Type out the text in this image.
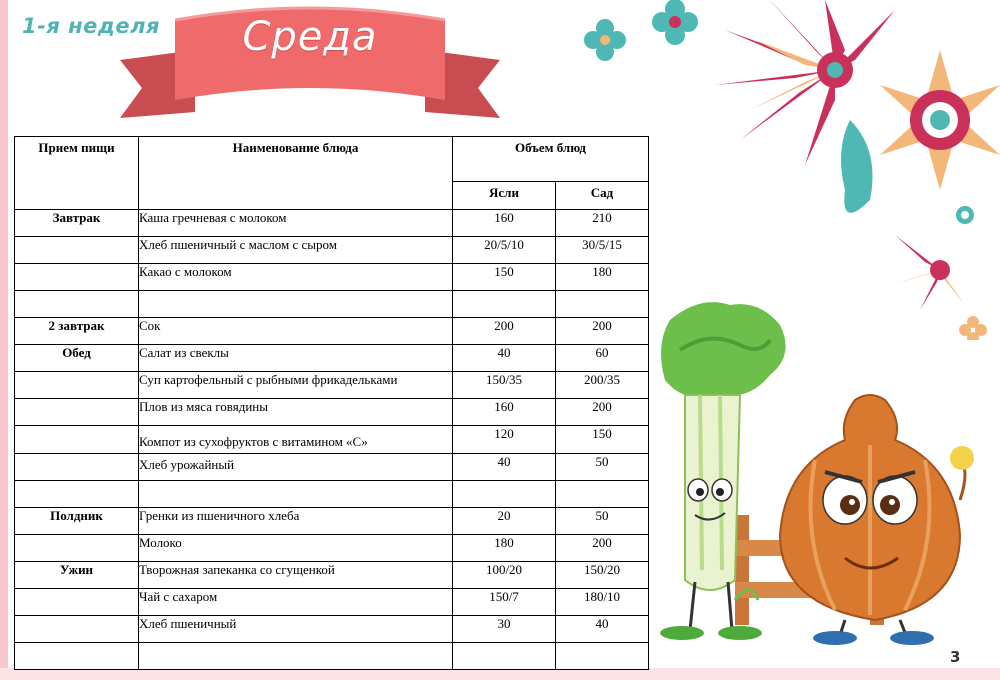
1-я неделя	Среда
Прием пищи	Наименование блюда	Объем блюд	
		Ясли	Сад
Завтрак	Каша гречневая с молоком	160	210
	Хлеб пшеничный с маслом с сыром	20/5/10	30/5/15
	Какао с молоком	150	180

2 завтрак	Сок	200	200
Обед	Салат из свеклы	40	60
	Суп картофельный с рыбными фрикадельками	150/35	200/35
	Плов из мяса говядины	160	200

	Компот из сухофруктов с витамином «С»	120	150

	Хлеб урожайный	40	50

Полдник	Гренки из пшеничного хлеба	20	50
	Молоко	180	200
Ужин	Творожная запеканка со сгущенкой	100/20	150/20
	Чай с сахаром	150/7	180/10
	Хлеб пшеничный	30	40

3
